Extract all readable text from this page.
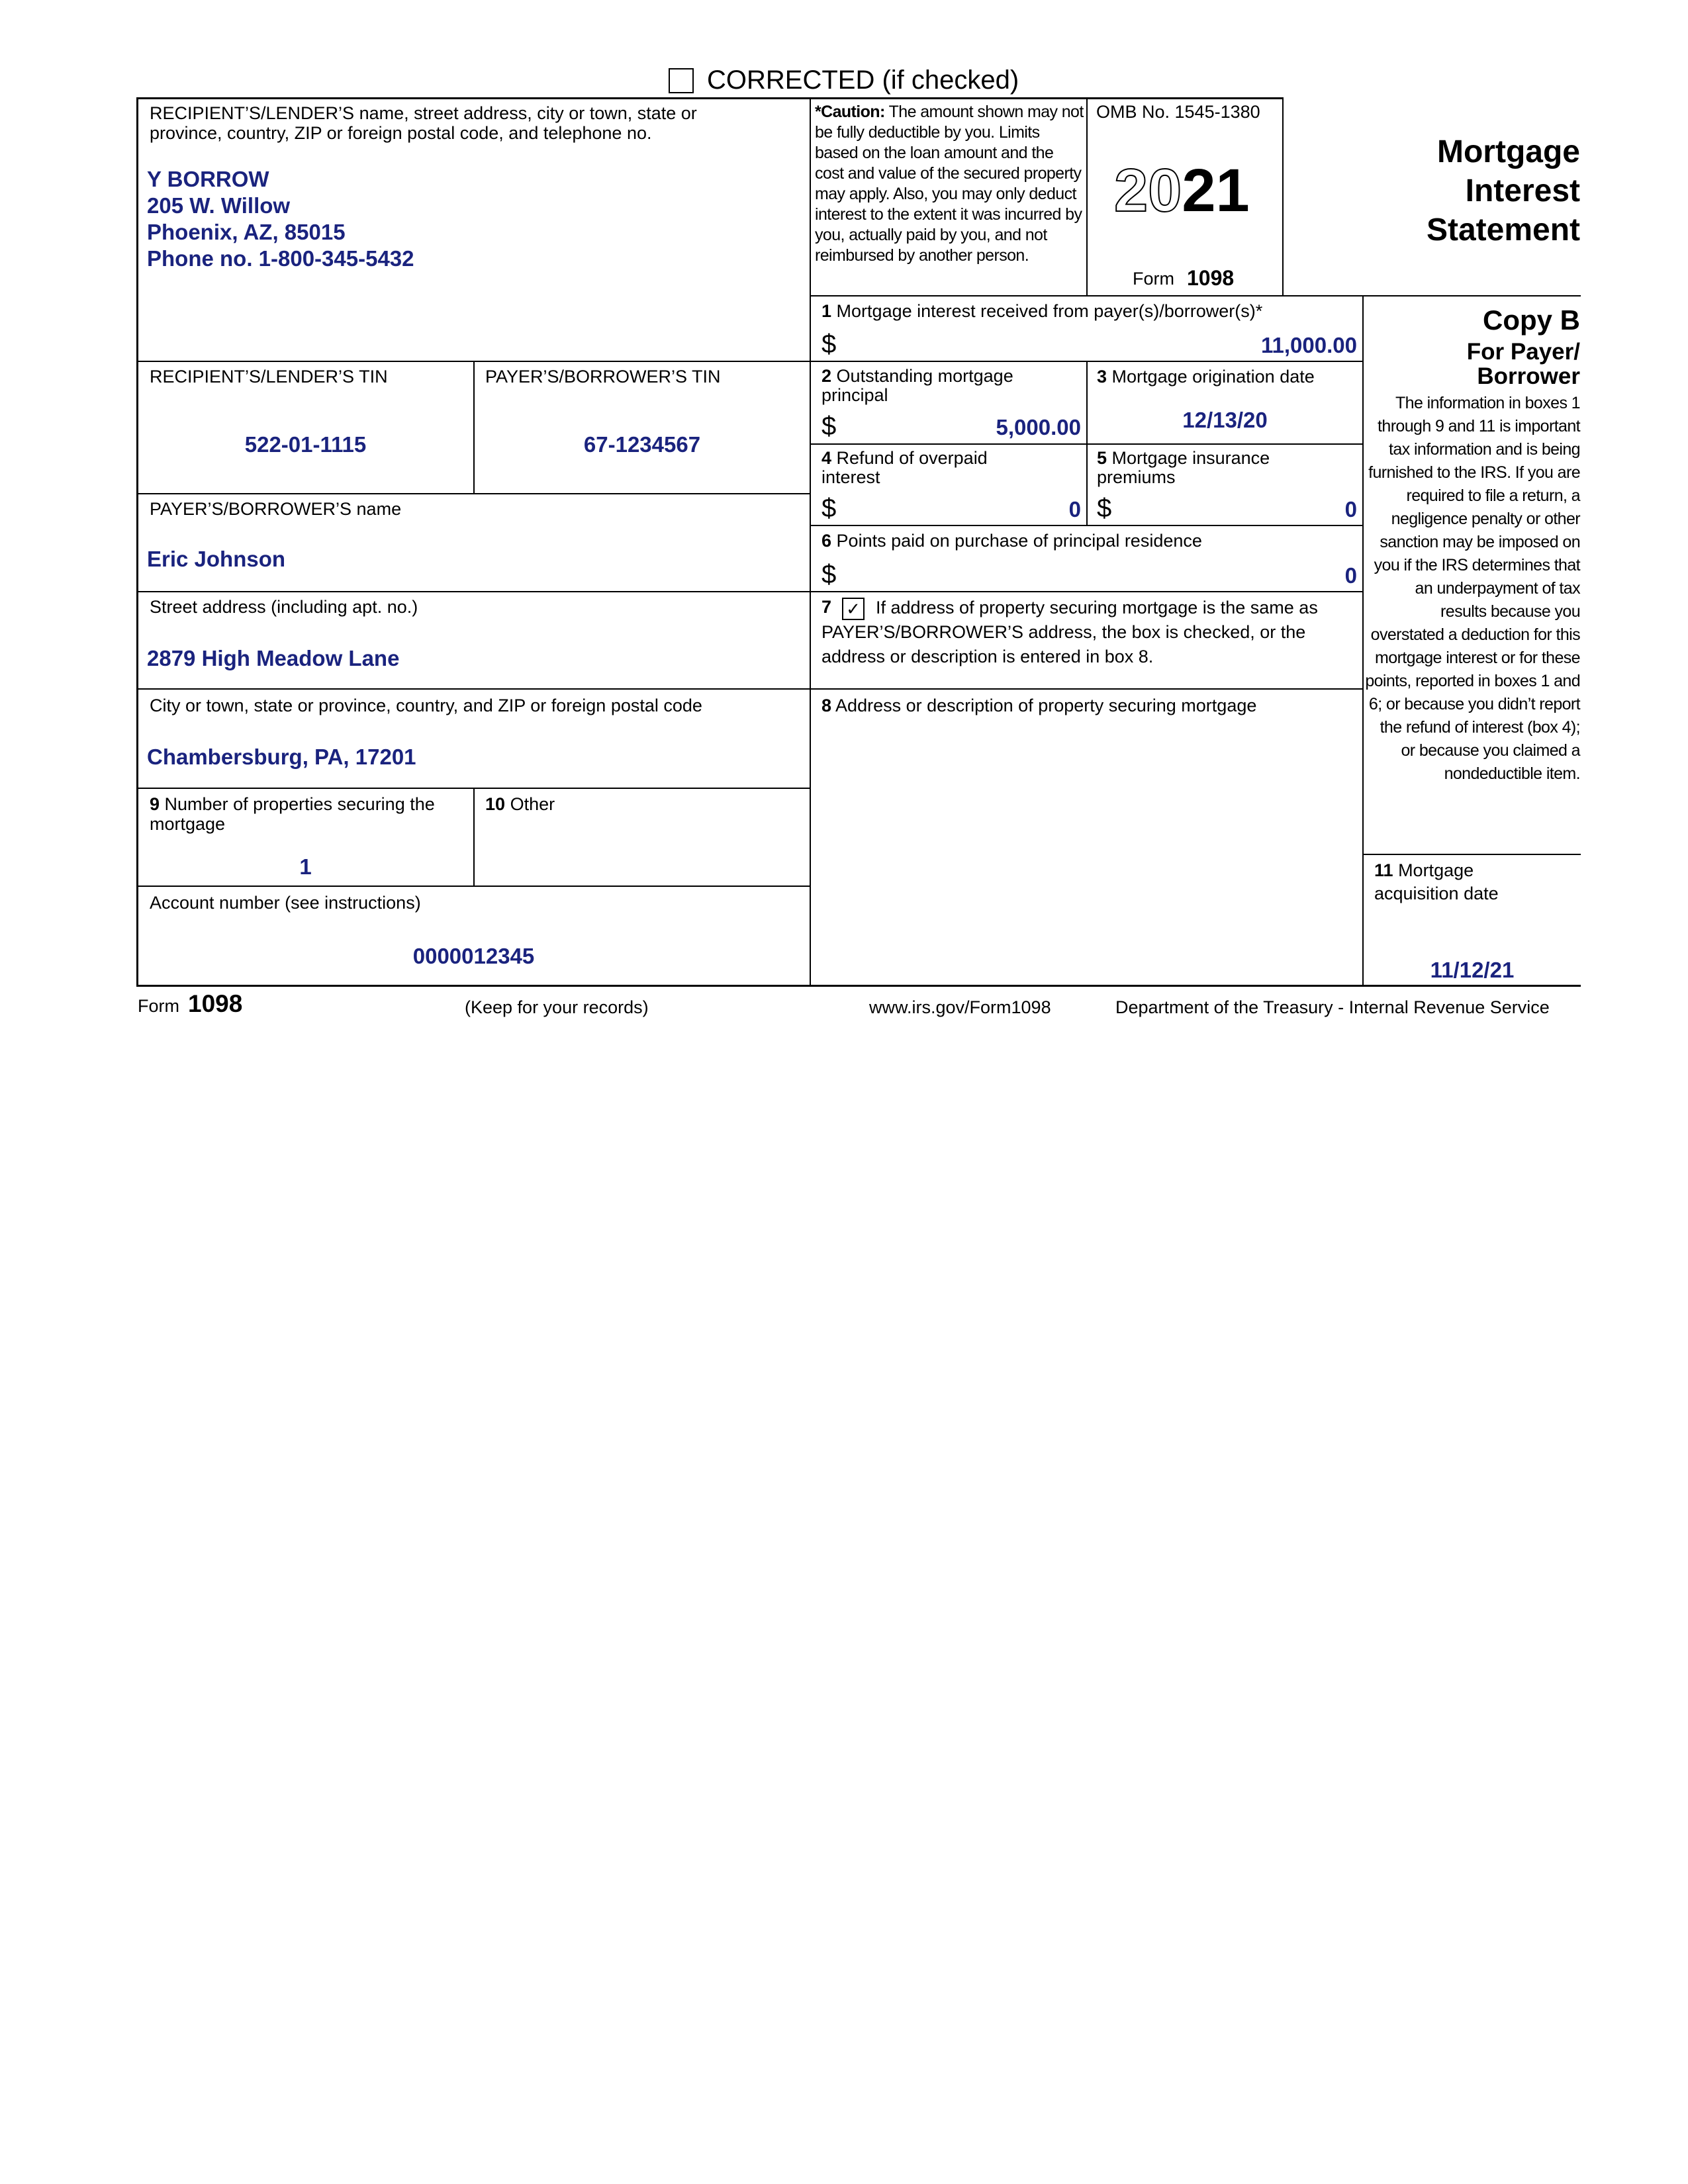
CORRECTED (if checked)
RECIPIENT’S/LENDER’S name, street address, city or town, state or province, country, ZIP or foreign postal code, and telephone no.
Y BORROW
205 W. Willow
Phoenix, AZ, 85015
Phone no. 1-800-345-5432
*Caution: The amount shown may not be fully deductible by you. Limits based on the loan amount and the cost and value of the secured property may apply. Also, you may only deduct interest to the extent it was incurred by you, actually paid by you, and not reimbursed by another person.
OMB No. 1545-1380
2021
Form 1098
Mortgage
Interest
Statement
Copy B
For Payer/
Borrower
The information in boxes 1 through 9 and 11 is important tax information and is being furnished to the IRS. If you are required to file a return, a negligence penalty or other sanction may be imposed on you if the IRS determines that an underpayment of tax results because you overstated a deduction for this mortgage interest or for these points, reported in boxes 1 and 6; or because you didn’t report the refund of interest (box 4); or because you claimed a nondeductible item.
1 Mortgage interest received from payer(s)/borrower(s)*
$	11,000.00
RECIPIENT’S/LENDER’S TIN
522-01-1115
PAYER’S/BORROWER’S TIN
67-1234567
2 Outstanding mortgage principal
$	5,000.00
3 Mortgage origination date
12/13/20
4 Refund of overpaid interest
$	0
5 Mortgage insurance premiums
$	0
PAYER’S/BORROWER’S name
Eric Johnson
6 Points paid on purchase of principal residence
$	0
Street address (including apt. no.)
2879 High Meadow Lane
7 ✓ If address of property securing mortgage is the same as PAYER’S/BORROWER’S address, the box is checked, or the address or description is entered in box 8.
City or town, state or province, country, and ZIP or foreign postal code
Chambersburg, PA, 17201
8 Address or description of property securing mortgage
9 Number of properties securing the mortgage
1
10 Other
Account number (see instructions)
0000012345
11 Mortgage acquisition date
11/12/21
Form 1098	(Keep for your records)	www.irs.gov/Form1098	Department of the Treasury - Internal Revenue Service
